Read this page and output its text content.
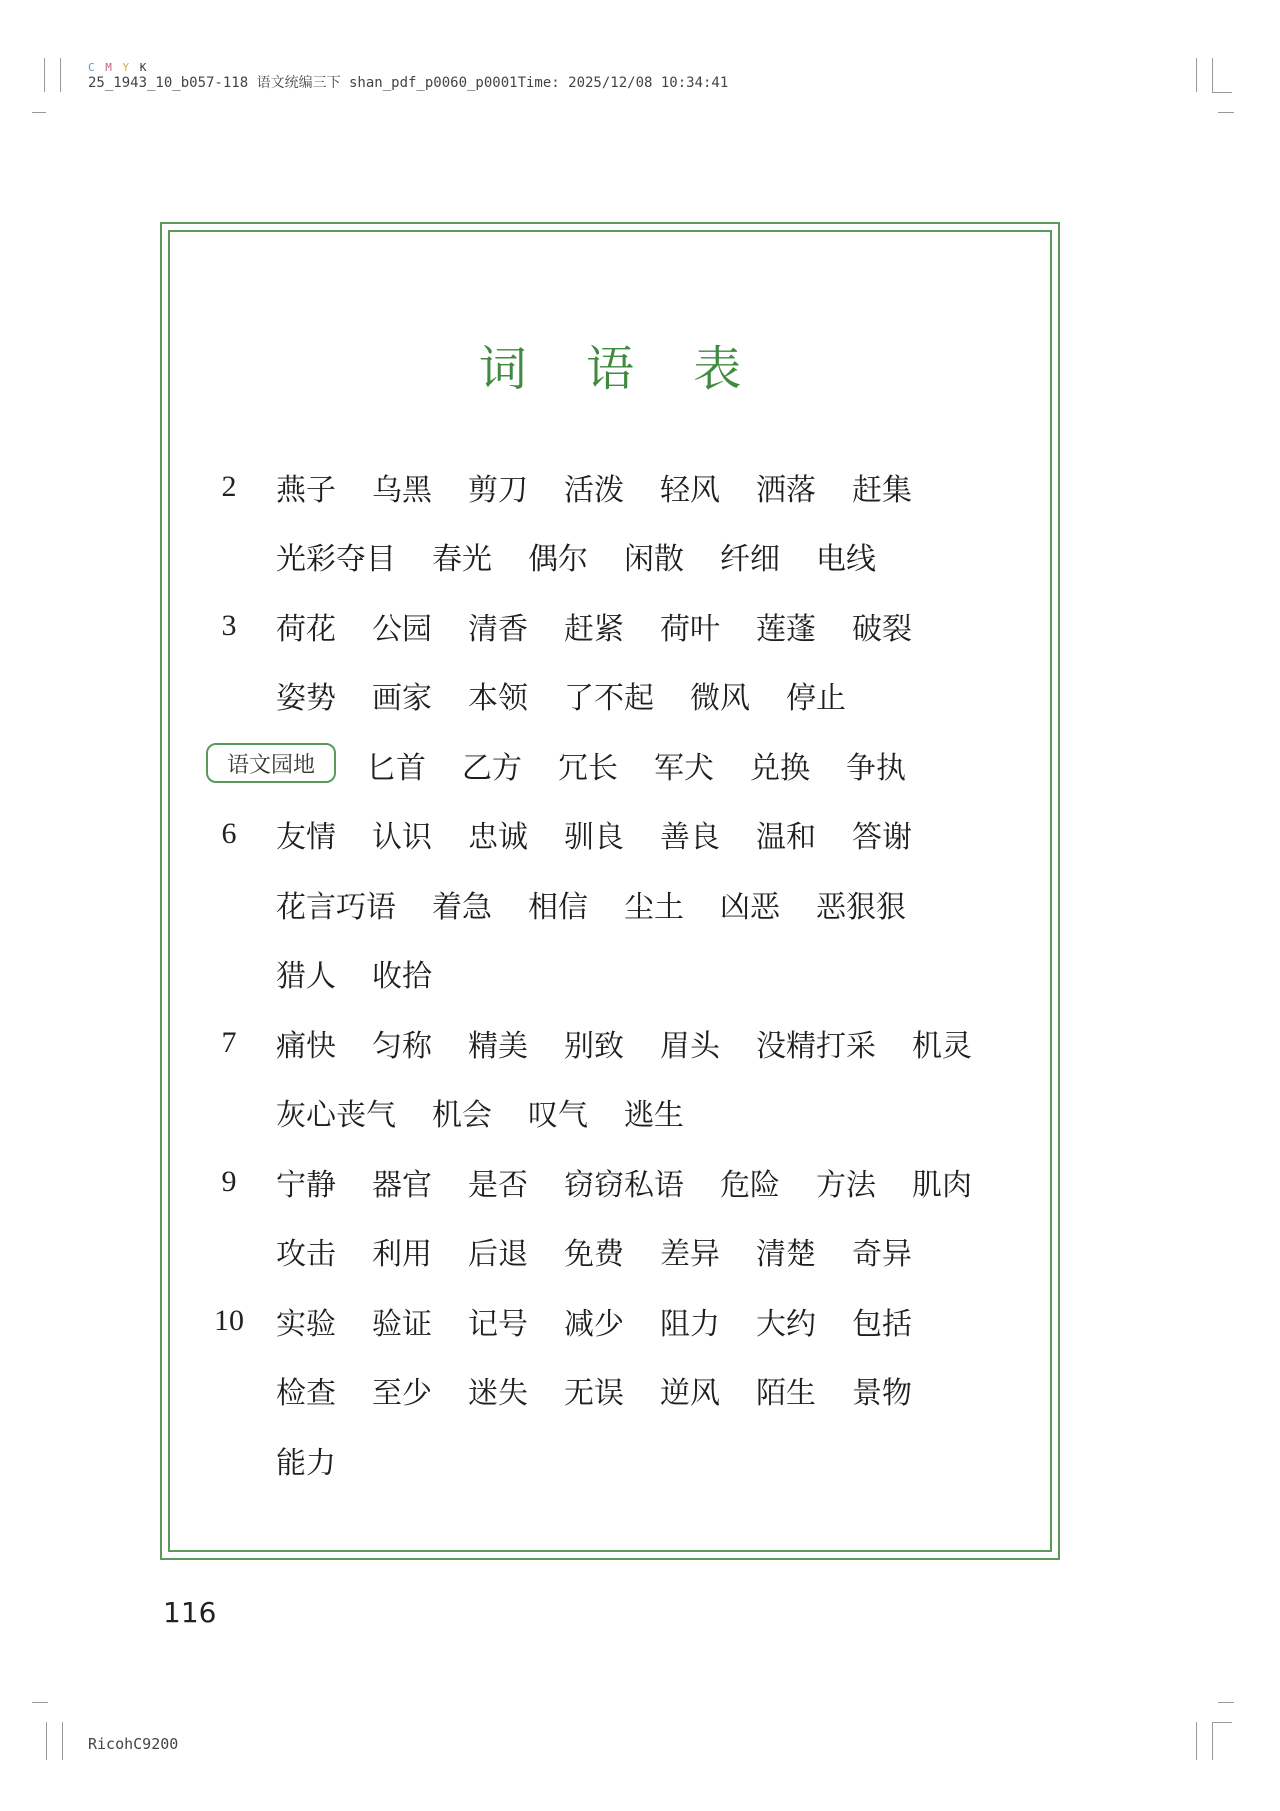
C M Y K
25_1943_10_b057-118 语文统编三下 shan_pdf_p0060_p0001Time: 2025/12/08 10:34:41
词 语 表
2	燕子 乌黑 剪刀 活泼 轻风 洒落 赶集
光彩夺目 春光 偶尔 闲散 纤细 电线
3	荷花 公园 清香 赶紧 荷叶 莲蓬 破裂
姿势 画家 本领 了不起 微风 停止
语文园地	匕首 乙方 冗长 军犬 兑换 争执
6	友情 认识 忠诚 驯良 善良 温和 答谢
花言巧语 着急 相信 尘土 凶恶 恶狠狠
猎人 收拾
7	痛快 匀称 精美 别致 眉头 没精打采 机灵
灰心丧气 机会 叹气 逃生
9	宁静 器官 是否 窃窃私语 危险 方法 肌肉
攻击 利用 后退 免费 差异 清楚 奇异
10 实验 验证 记号 减少 阻力 大约 包括
检查 至少 迷失 无误 逆风 陌生 景物
能力
116
RicohC9200
